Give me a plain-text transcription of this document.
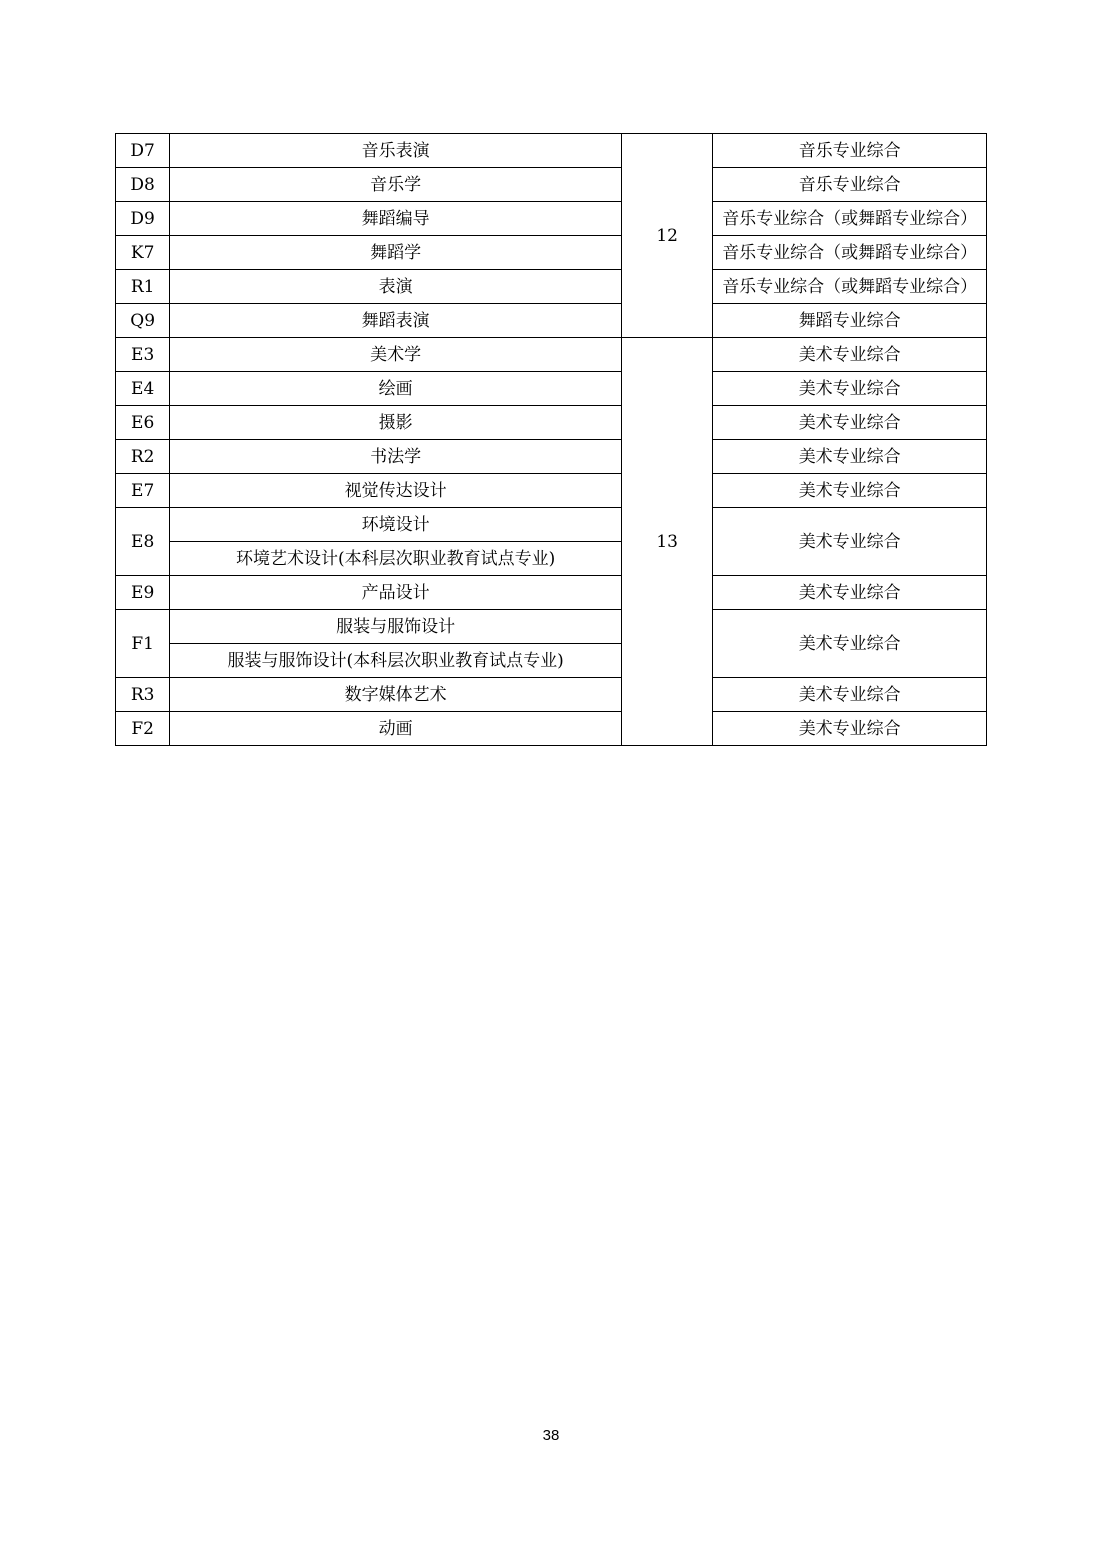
D7	音乐表演	12	音乐专业综合
D8	音乐学		音乐专业综合
D9	舞蹈编导		音乐专业综合（或舞蹈专业综合）
K7	舞蹈学		音乐专业综合（或舞蹈专业综合）
R1	表演		音乐专业综合（或舞蹈专业综合）
Q9	舞蹈表演		舞蹈专业综合
E3	美术学	13	美术专业综合
E4	绘画		美术专业综合
E6	摄影		美术专业综合
R2	书法学		美术专业综合
E7	视觉传达设计		美术专业综合
E8	环境设计		美术专业综合
	环境艺术设计(本科层次职业教育试点专业)		
E9	产品设计		美术专业综合
F1	服装与服饰设计		美术专业综合
	服装与服饰设计(本科层次职业教育试点专业)		
R3	数字媒体艺术		美术专业综合
F2	动画		美术专业综合
38
